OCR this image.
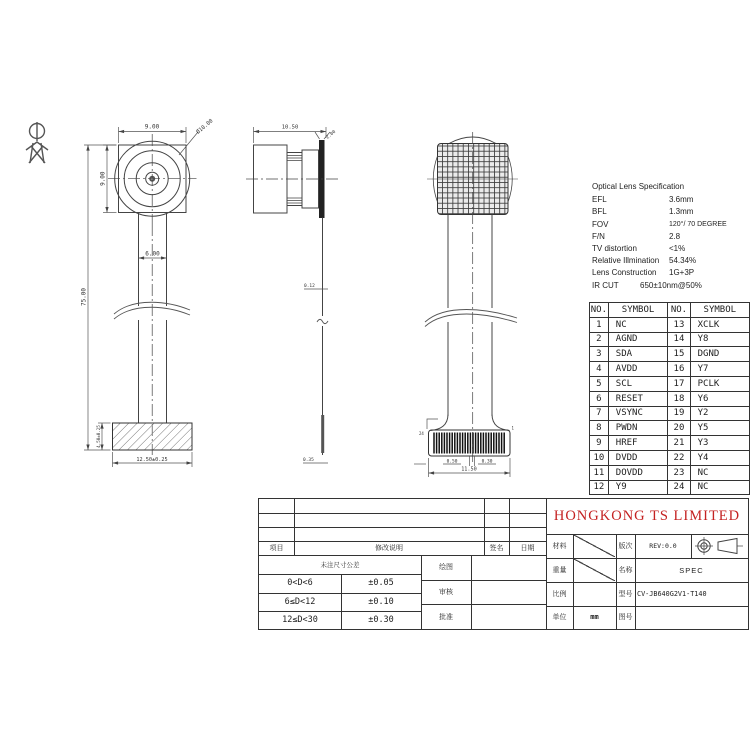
9.00	Ø10.00
9.00
6.00
75.00
4.50±0.25
12.50±0.25
10.50
2.00
0.12
0.35
24
1
0.50	0.30
11.50
Optical Lens Specification
EFL	3.6mm
BFL	1.3mm
FOV	120°/ 70 DEGREE
F/N	2.8
TV distortion	<1%
Relative Illmination	54.34%
Lens Construction	1G+3P
IR CUT	650±10nm@50%
NO.	SYMBOL	NO.	SYMBOL
1	NC	13	XCLK
2	AGND	14	Y8
3	SDA	15	DGND
4	AVDD	16	Y7
5	SCL	17	PCLK
6	RESET	18	Y6
7	VSYNC	19	Y2
8	PWDN	20	Y5
9	HREF	21	Y3
10	DVDD	22	Y4
11	DOVDD	23	NC
12	Y9	24	NC
项目	修改说明	签名	日期
未注尺寸公差
0<D<6	±0.05
6≤D<12	±0.10
12≤D<30	±0.30
绘图
审核
批准
HONGKONG TS LIMITED
材料	版次	REV:0.0
重量	名称	SPEC
比例	型号 CV-JB640G2V1-T140
单位	mm	图号
